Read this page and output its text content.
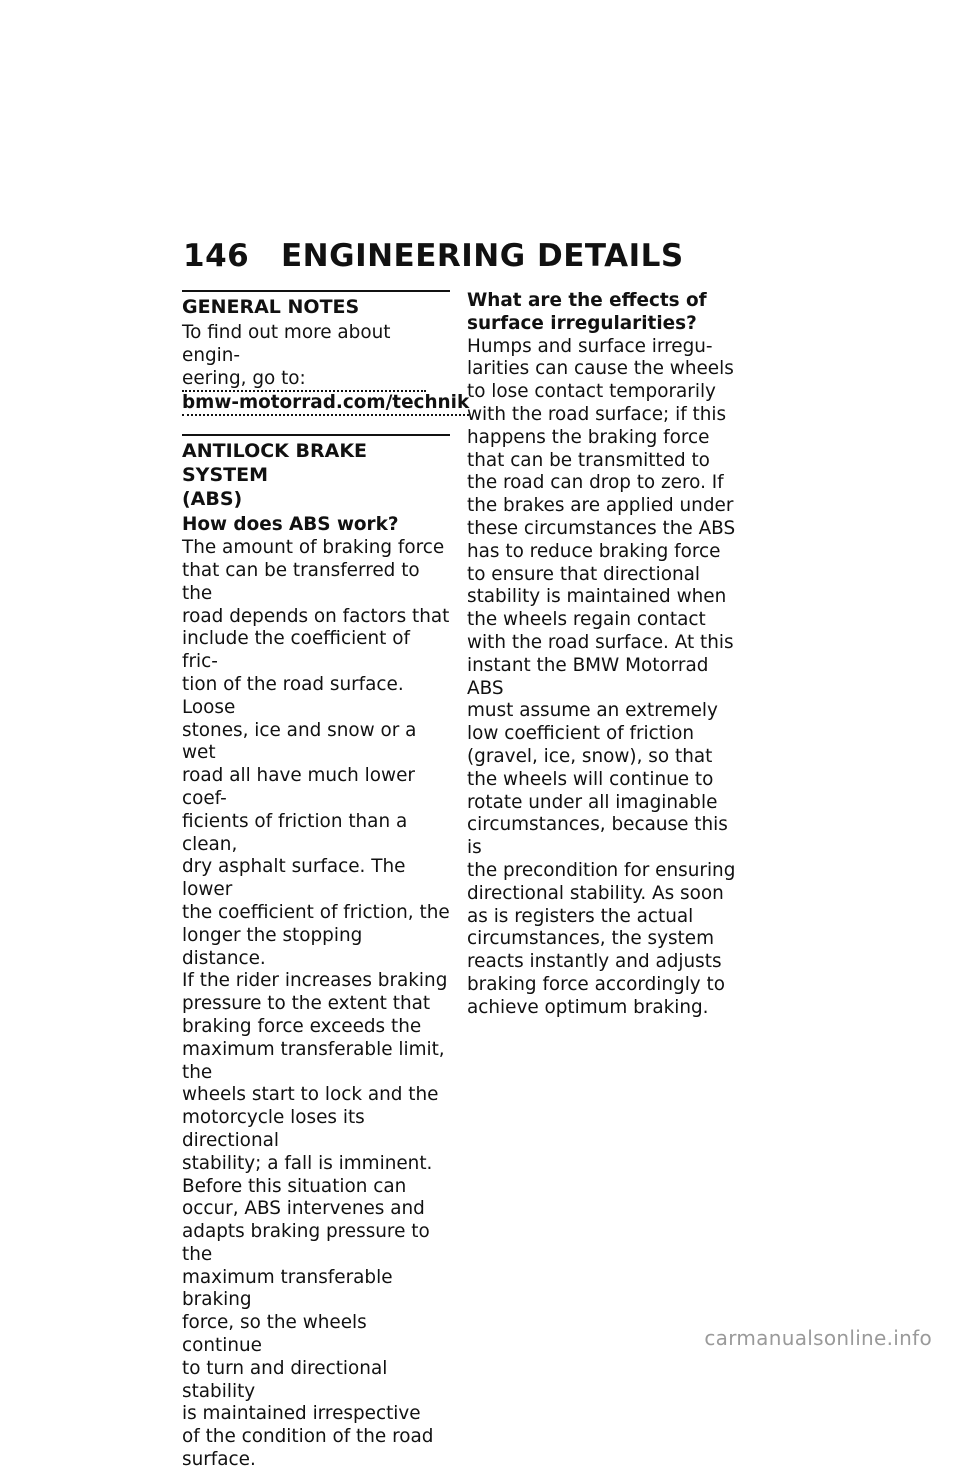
146 ENGINEERING DETAILS
GENERAL NOTES

To find out more about engin-
eering, go to:

bmw-motorrad.com/technik
ANTILOCK BRAKE SYSTEM
(ABS)

How does ABS work?

The amount of braking force
that can be transferred to the
road depends on factors that
include the coefficient of fric-
tion of the road surface. Loose
stones, ice and snow or a wet
road all have much lower coef-
ficients of friction than a clean,
dry asphalt surface. The lower
the coefficient of friction, the
longer the stopping distance.

If the rider increases braking
pressure to the extent that
braking force exceeds the
maximum transferable limit, the
wheels start to lock and the
motorcycle loses its directional
stability; a fall is imminent.
Before this situation can
occur, ABS intervenes and
adapts braking pressure to the
maximum transferable braking
force, so the wheels continue
to turn and directional stability
is maintained irrespective
of the condition of the road
surface.

What are the effects of
surface irregularities?

Humps and surface irregu-
larities can cause the wheels
to lose contact temporarily
with the road surface; if this
happens the braking force
that can be transmitted to
the road can drop to zero. If
the brakes are applied under
these circumstances the ABS
has to reduce braking force
to ensure that directional
stability is maintained when
the wheels regain contact
with the road surface. At this
instant the BMW Motorrad ABS
must assume an extremely
low coefficient of friction
(gravel, ice, snow), so that
the wheels will continue to
rotate under all imaginable
circumstances, because this is
the precondition for ensuring
directional stability. As soon
as is registers the actual
circumstances, the system
reacts instantly and adjusts
braking force accordingly to
achieve optimum braking.

carmanualsonline.info
